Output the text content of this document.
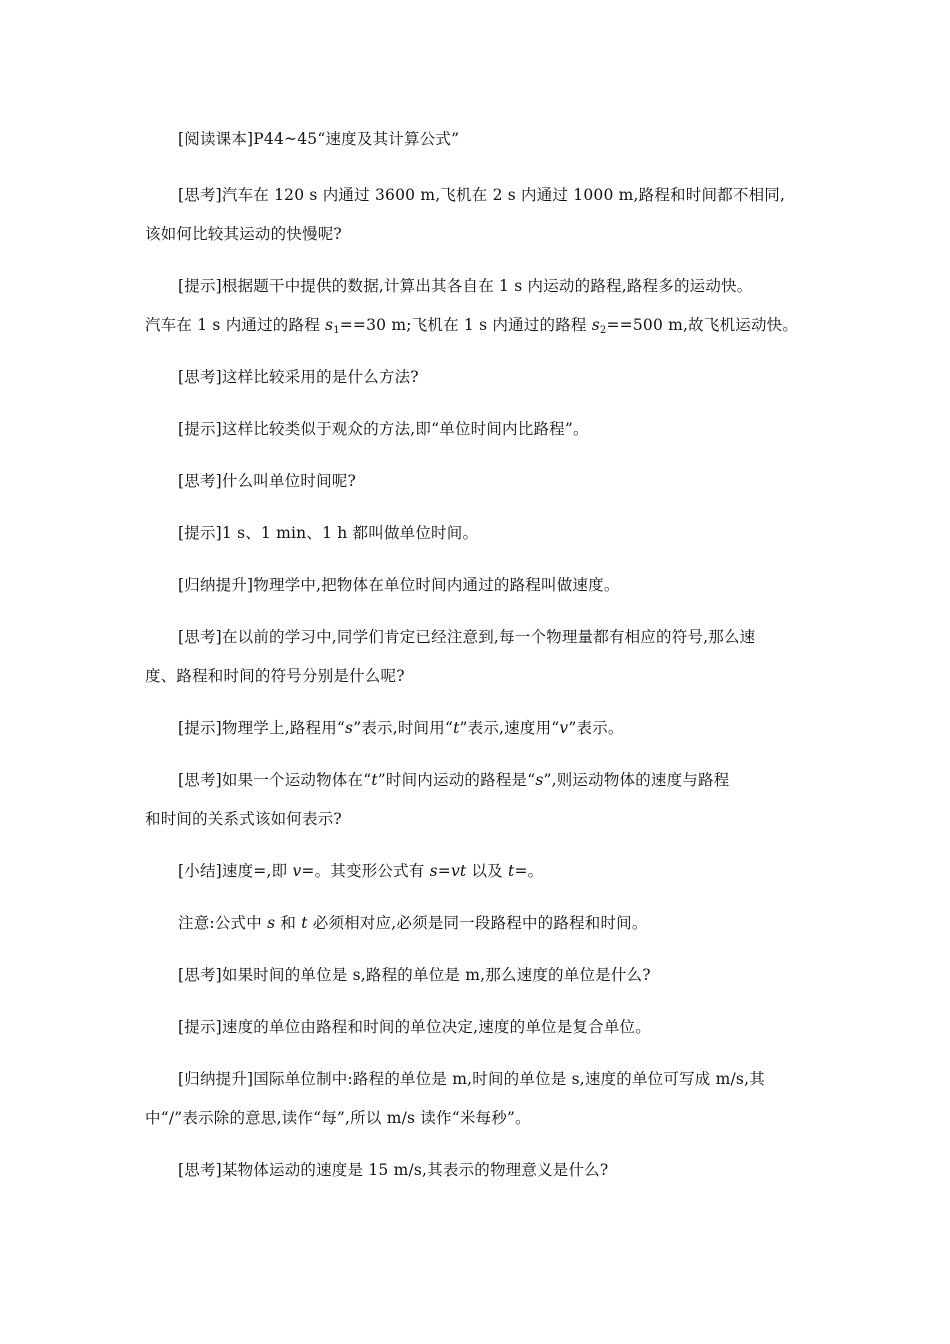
[阅读课本]P44~45“速度及其计算公式”
[思考]汽车在 120 s 内通过 3600 m,飞机在 2 s 内通过 1000 m,路程和时间都不相同,
该如何比较其运动的快慢呢?
[提示]根据题干中提供的数据,计算出其各自在 1 s 内运动的路程,路程多的运动快。
汽车在 1 s 内通过的路程 $s_1==30$ m;飞机在 1 s 内通过的路程 $s_2==500$ m,故飞机运动快。
[思考]这样比较采用的是什么方法?
[提示]这样比较类似于观众的方法,即“单位时间内比路程”。
[思考]什么叫单位时间呢?
[提示]1 s、1 min、1 h 都叫做单位时间。
[归纳提升]物理学中,把物体在单位时间内通过的路程叫做速度。
[思考]在以前的学习中,同学们肯定已经注意到,每一个物理量都有相应的符号,那么速
度、路程和时间的符号分别是什么呢?
[提示]物理学上,路程用“s”表示,时间用“t”表示,速度用“v”表示。
[思考]如果一个运动物体在“t”时间内运动的路程是“s”,则运动物体的速度与路程
和时间的关系式该如何表示?
[小结]速度=,即 v=。其变形公式有 s=vt 以及 t=。
注意:公式中 s 和 t 必须相对应,必须是同一段路程中的路程和时间。
[思考]如果时间的单位是 s,路程的单位是 m,那么速度的单位是什么?
[提示]速度的单位由路程和时间的单位决定,速度的单位是复合单位。
[归纳提升]国际单位制中:路程的单位是 m,时间的单位是 s,速度的单位可写成 m/s,其
中“/”表示除的意思,读作“每”,所以 m/s 读作“米每秒”。
[思考]某物体运动的速度是 15 m/s,其表示的物理意义是什么?
